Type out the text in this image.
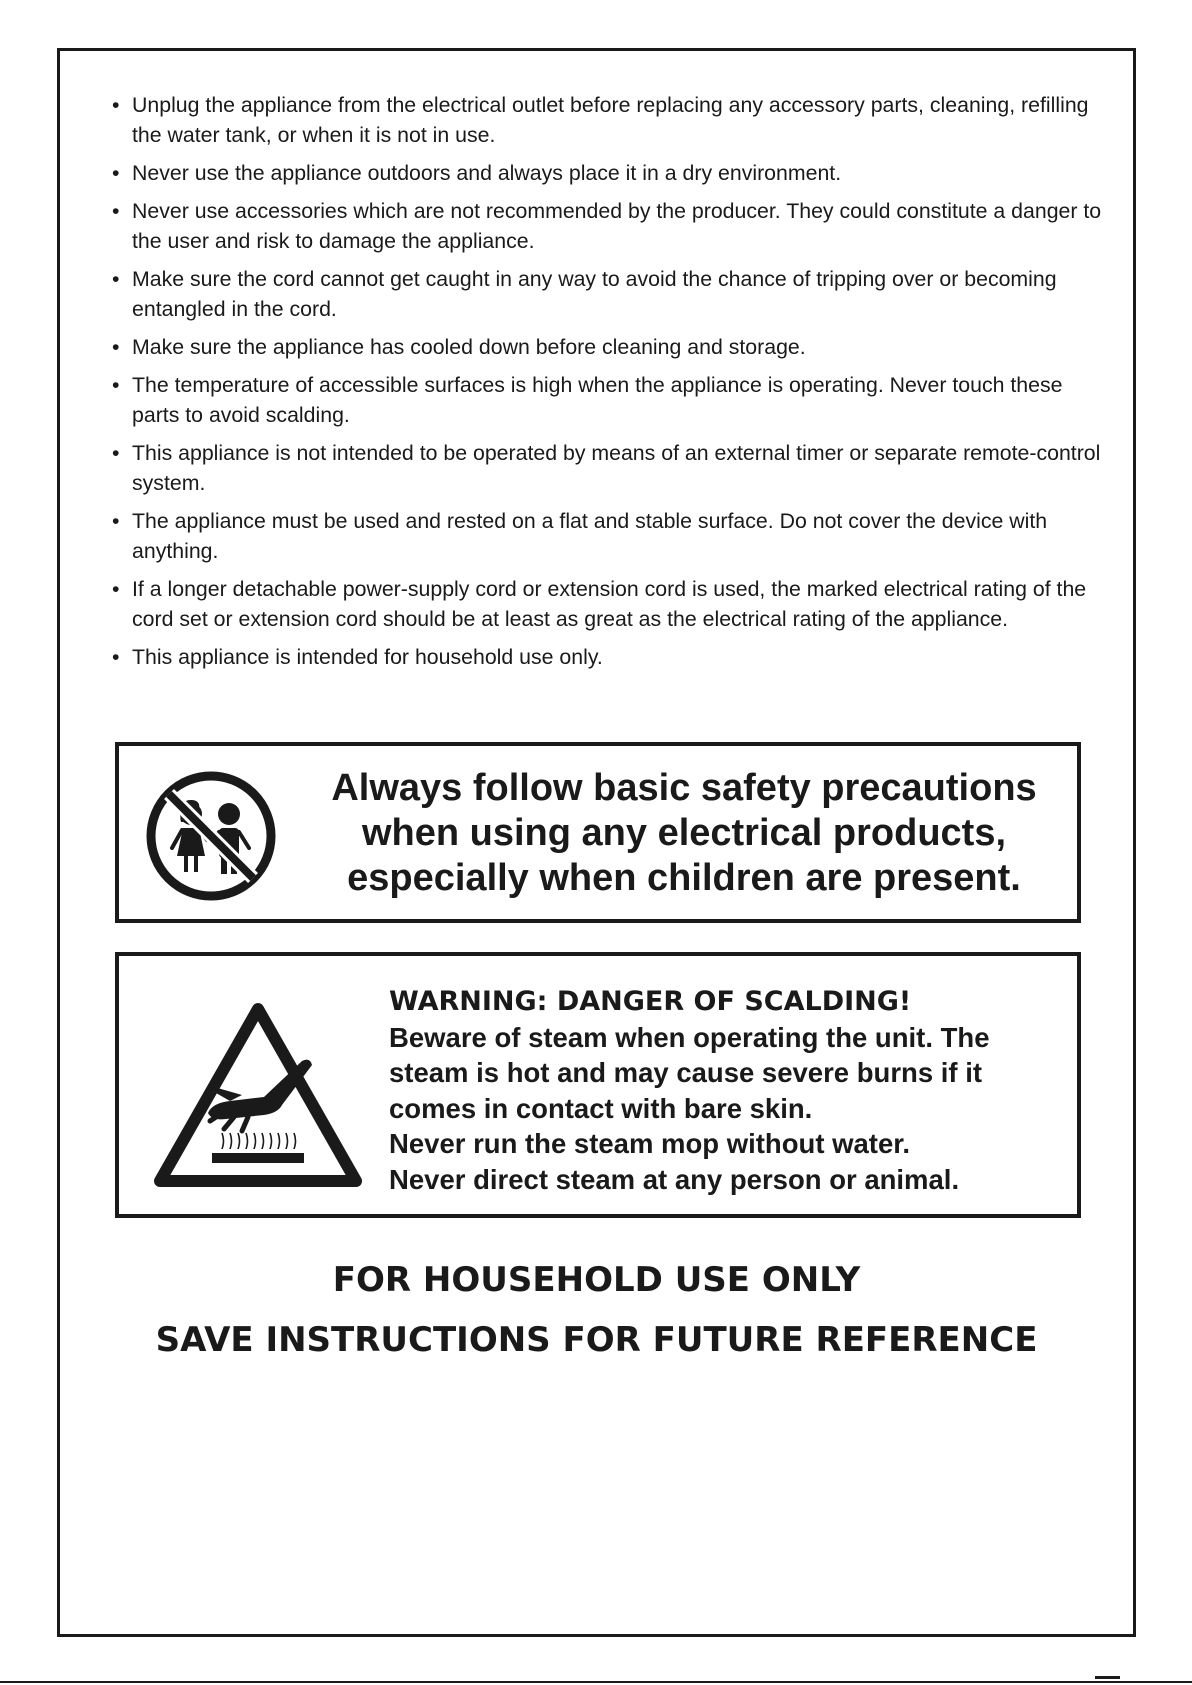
• Unplug the appliance from the electrical outlet before replacing any accessory parts, cleaning, refilling the water tank, or when it is not in use.
• Never use the appliance outdoors and always place it in a dry environment.
• Never use accessories which are not recommended by the producer. They could constitute a danger to the user and risk to damage the appliance.
• Make sure the cord cannot get caught in any way to avoid the chance of tripping over or becoming entangled in the cord.
• Make sure the appliance has cooled down before cleaning and storage.
• The temperature of accessible surfaces is high when the appliance is operating. Never touch these parts to avoid scalding.
• This appliance is not intended to be operated by means of an external timer or separate remote-control system.
• The appliance must be used and rested on a flat and stable surface. Do not cover the device with anything.
• If a longer detachable power-supply cord or extension cord is used, the marked electrical rating of the cord set or extension cord should be at least as great as the electrical rating of the appliance.
• This appliance is intended for household use only.
Always follow basic safety precautions
when using any electrical products,
especially when children are present.
WARNING: DANGER OF SCALDING!
Beware of steam when operating the unit. The
steam is hot and may cause severe burns if it
comes in contact with bare skin.
Never run the steam mop without water.
Never direct steam at any person or animal.
FOR HOUSEHOLD USE ONLY
SAVE INSTRUCTIONS FOR FUTURE REFERENCE
